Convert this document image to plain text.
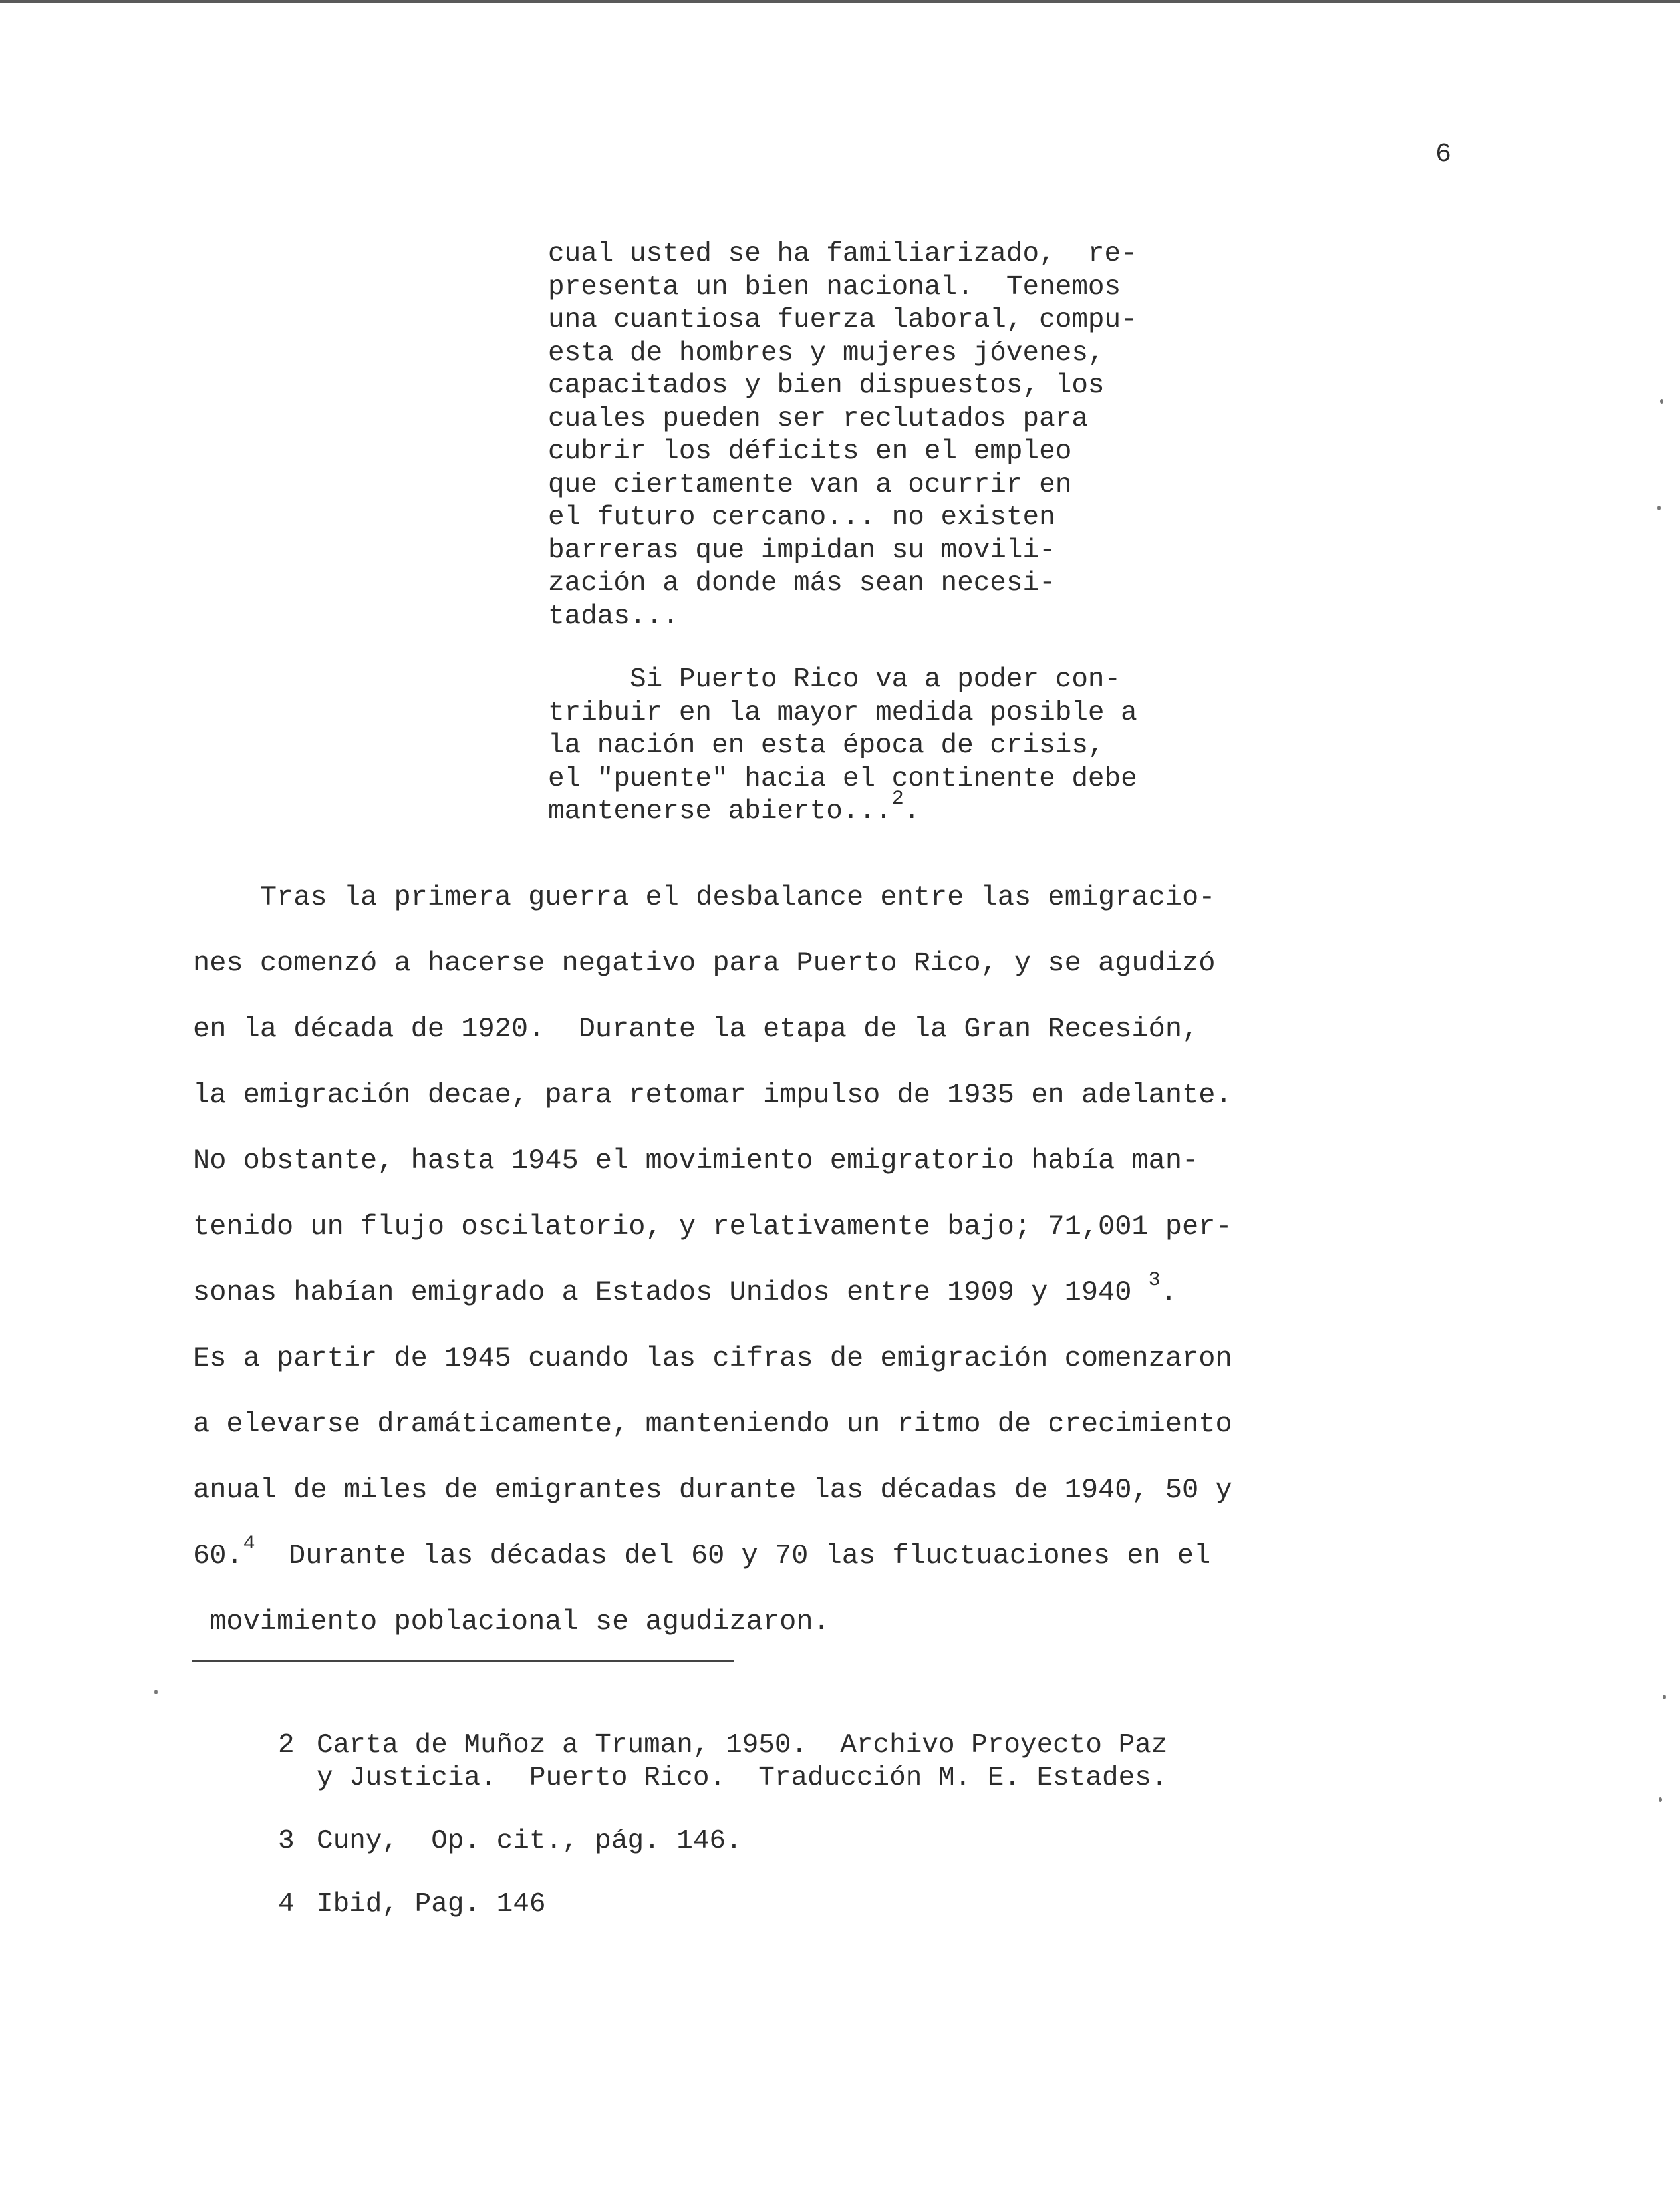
6

cual usted se ha familiarizado,  re-
presenta un bien nacional.  Tenemos
una cuantiosa fuerza laboral, compu-
esta de hombres y mujeres jóvenes,
capacitados y bien dispuestos, los
cuales pueden ser reclutados para
cubrir los déficits en el empleo
que ciertamente van a ocurrir en
el futuro cercano... no existen
barreras que impidan su movili-
zación a donde más sean necesi-
tadas...

Si Puerto Rico va a poder con-
tribuir en la mayor medida posible a
la nación en esta época de crisis,
el "puente" hacia el continente debe
mantenerse abierto...$^2$.

Tras la primera guerra el desbalance entre las emigracio-
nes comenzó a hacerse negativo para Puerto Rico, y se agudizó
en la década de 1920.  Durante la etapa de la Gran Recesión,
la emigración decae, para retomar impulso de 1935 en adelante.
No obstante, hasta 1945 el movimiento emigratorio había man-
tenido un flujo oscilatorio, y relativamente bajo; 71,001 per-
sonas habían emigrado a Estados Unidos entre 1909 y 1940 $^3$.
Es a partir de 1945 cuando las cifras de emigración comenzaron
a elevarse dramáticamente, manteniendo un ritmo de crecimiento
anual de miles de emigrantes durante las décadas de 1940, 50 y
60.$^4$  Durante las décadas del 60 y 70 las fluctuaciones en el
movimiento poblacional se agudizaron.

2 Carta de Muñoz a Truman, 1950.  Archivo Proyecto Paz
y Justicia.  Puerto Rico.  Traducción M. E. Estades.
3 Cuny,  Op. cit., pág. 146.
4 Ibid, Pag. 146
